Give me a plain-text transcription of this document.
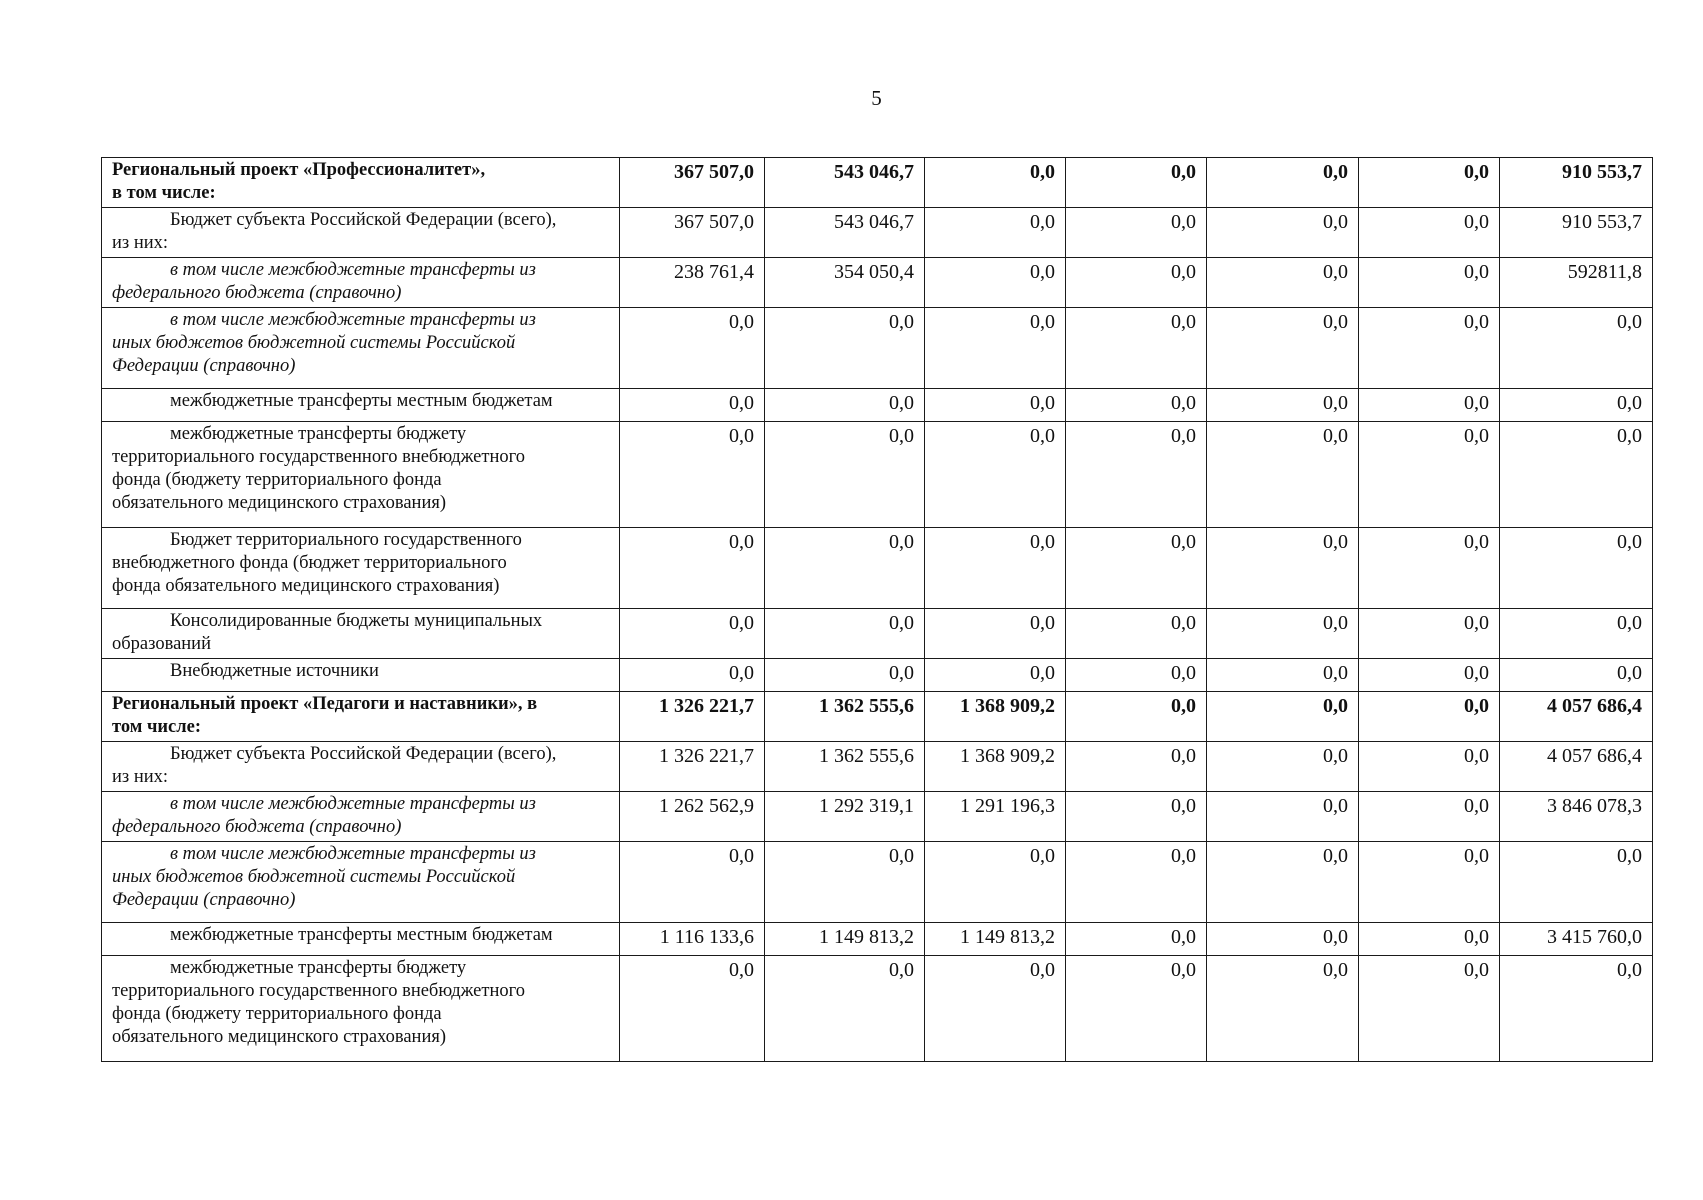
5
Региональный проект «Профессионалитет»,
в том числе:	367 507,0	543 046,7	0,0	0,0	0,0	0,0	910 553,7
Бюджет субъекта Российской Федерации (всего),
из них:	367 507,0	543 046,7	0,0	0,0	0,0	0,0	910 553,7
в том числе межбюджетные трансферты из
федерального бюджета (справочно)	238 761,4	354 050,4	0,0	0,0	0,0	0,0	592811,8
в том числе межбюджетные трансферты из
иных бюджетов бюджетной системы Российской
Федерации (справочно)	0,0	0,0	0,0	0,0	0,0	0,0	0,0
межбюджетные трансферты местным бюджетам	0,0	0,0	0,0	0,0	0,0	0,0	0,0
межбюджетные трансферты бюджету
территориального государственного внебюджетного
фонда (бюджету территориального фонда
обязательного медицинского страхования)	0,0	0,0	0,0	0,0	0,0	0,0	0,0
Бюджет территориального государственного
внебюджетного фонда (бюджет территориального
фонда обязательного медицинского страхования)	0,0	0,0	0,0	0,0	0,0	0,0	0,0
Консолидированные бюджеты муниципальных
образований	0,0	0,0	0,0	0,0	0,0	0,0	0,0
Внебюджетные источники	0,0	0,0	0,0	0,0	0,0	0,0	0,0
Региональный проект «Педагоги и наставники», в
том числе:	1 326 221,7	1 362 555,6	1 368 909,2	0,0	0,0	0,0	4 057 686,4
Бюджет субъекта Российской Федерации (всего),
из них:	1 326 221,7	1 362 555,6	1 368 909,2	0,0	0,0	0,0	4 057 686,4
в том числе межбюджетные трансферты из
федерального бюджета (справочно)	1 262 562,9	1 292 319,1	1 291 196,3	0,0	0,0	0,0	3 846 078,3
в том числе межбюджетные трансферты из
иных бюджетов бюджетной системы Российской
Федерации (справочно)	0,0	0,0	0,0	0,0	0,0	0,0	0,0
межбюджетные трансферты местным бюджетам	1 116 133,6	1 149 813,2	1 149 813,2	0,0	0,0	0,0	3 415 760,0
межбюджетные трансферты бюджету
территориального государственного внебюджетного
фонда (бюджету территориального фонда
обязательного медицинского страхования)	0,0	0,0	0,0	0,0	0,0	0,0	0,0
